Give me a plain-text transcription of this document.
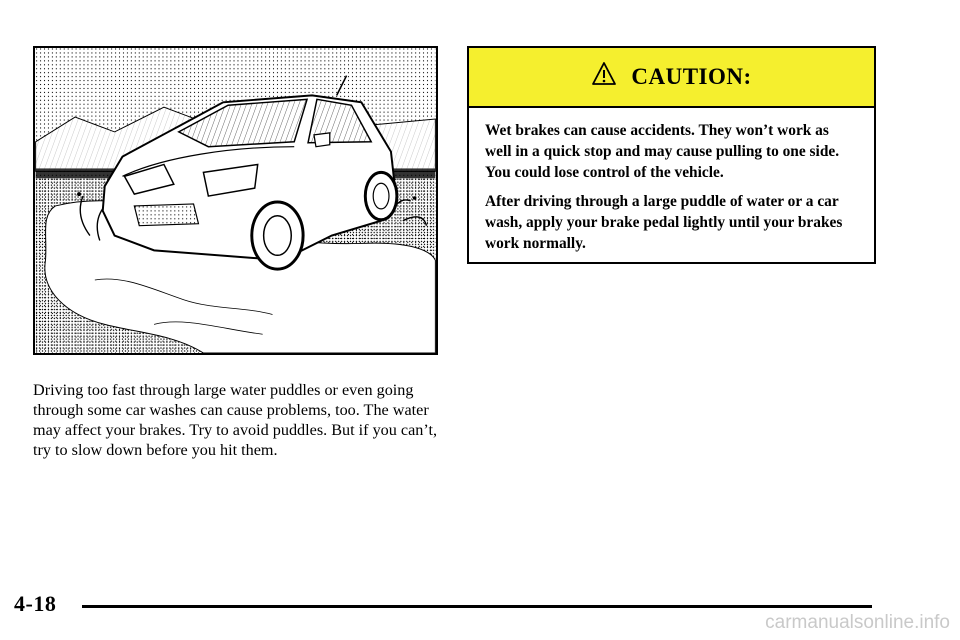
Driving too fast through large water puddles or even going through some car washes can cause problems, too. The water may affect your brakes. Try to avoid puddles. But if you can’t, try to slow down before you hit them.

CAUTION:

Wet brakes can cause accidents. They won’t work as well in a quick stop and may cause pulling to one side. You could lose control of the vehicle.

After driving through a large puddle of water or a car wash, apply your brake pedal lightly until your brakes work normally.

4-18
carmanualsonline.info
